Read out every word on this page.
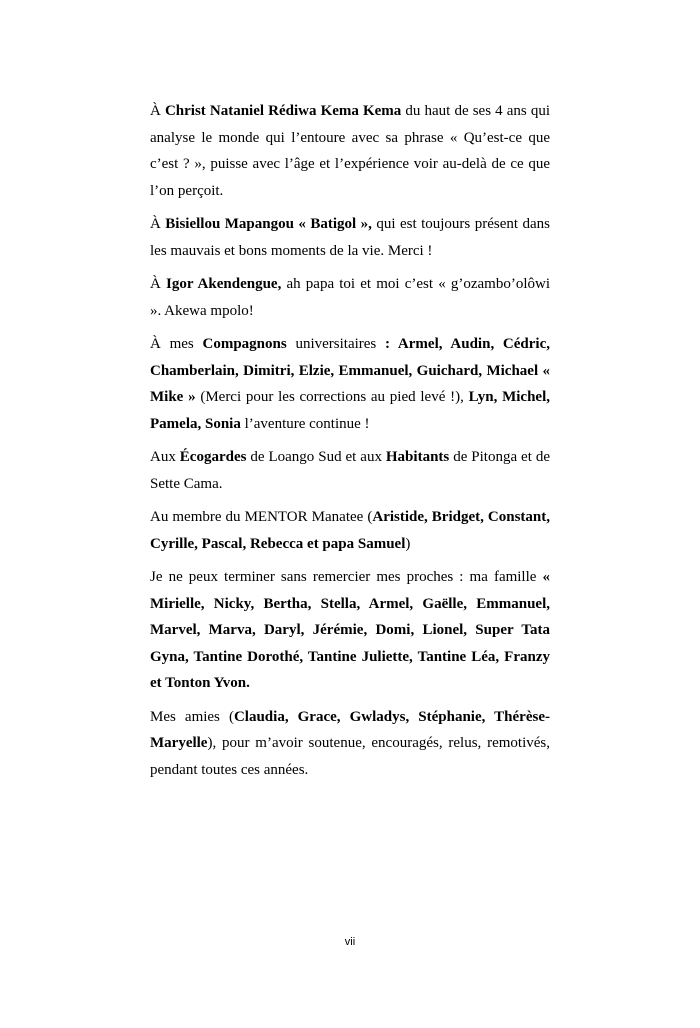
À Christ Nataniel Rédiwa Kema Kema du haut de ses 4 ans qui analyse le monde qui l’entoure avec sa phrase « Qu’est-ce que c’est ? », puisse avec l’âge et l’expérience voir au-delà de ce que l’on perçoit.

À Bisiellou Mapangou « Batigol », qui est toujours présent dans les mauvais et bons moments de la vie. Merci !

À Igor Akendengue, ah papa toi et moi c’est « g’ozambo’olôwi ». Akewa mpolo!

À mes Compagnons universitaires : Armel, Audin, Cédric, Chamberlain, Dimitri, Elzie, Emmanuel, Guichard, Michael « Mike » (Merci pour les corrections au pied levé !), Lyn, Michel, Pamela, Sonia l’aventure continue !

Aux Écogardes de Loango Sud et aux Habitants de Pitonga et de Sette Cama.

Au membre du MENTOR Manatee (Aristide, Bridget, Constant, Cyrille, Pascal, Rebecca et papa Samuel)

Je ne peux terminer sans remercier mes proches : ma famille « Mirielle, Nicky, Bertha, Stella, Armel, Gaëlle, Emmanuel, Marvel, Marva, Daryl, Jérémie, Domi, Lionel, Super Tata Gyna, Tantine Dorothé, Tantine Juliette, Tantine Léa, Franzy et Tonton Yvon.

Mes amies (Claudia, Grace, Gwladys, Stéphanie, Thérèse-Maryelle), pour m’avoir soutenue, encouragés, relus, remotivés, pendant toutes ces années.

vii
